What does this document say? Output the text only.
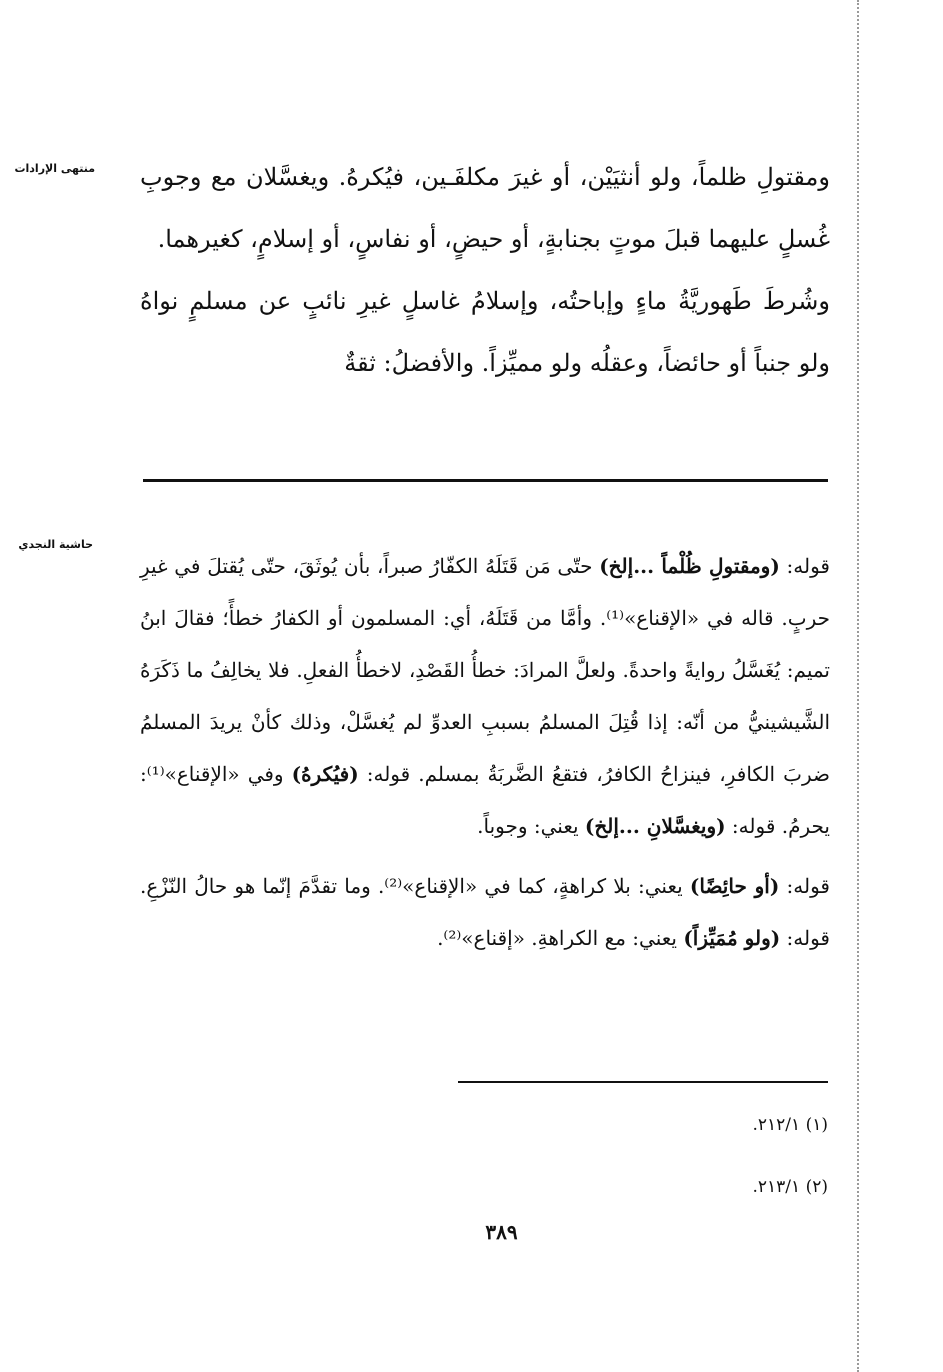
منتهى الإرادات
حاشية النجدي

ومقتولِ ظلماً، ولو أنثيَيْن، أو غيرَ مكلفَـين، فيُكرهُ. ويغسَّلان مع وجوبِ غُسلٍ عليهما قبلَ موتٍ بجنابةٍ، أو حيضٍ، أو نفاسٍ، أو إسلامٍ، كغيرهما.

وشُرطَ طَهوريَّةُ ماءٍ وإباحتُه، وإسلامُ غاسلٍ غيرِ نائبٍ عن مسلمٍ نواهُ ولو جنباً أو حائضاً، وعقلُه ولو مميِّزاً. والأفضلُ: ثقةٌ

قوله: (ومقتولِ ظُلْماً ...إلخ) حتّى مَن قَتَلَهُ الكفّارُ صبراً، بأن يُوثَقَ، حتّى يُقتلَ في غيرِ حربٍ. قاله في «الإقناع»⁽¹⁾. وأمَّا من قَتَلَهُ، أي: المسلمون أو الكفارُ خطأً؛ فقالَ ابنُ تميم: يُغَسَّلُ روايةً واحدةً. ولعلَّ المرادَ: خطأُ القَصْدِ، لاخطأُ الفعلِ. فلا يخالِفُ ما ذَكَرَهُ الشَّيشينيُّ من أنّه: إذا قُتِلَ المسلمُ بسببِ العدوِّ لم يُغسَّلْ، وذلك كأنْ يريدَ المسلمُ ضربَ الكافرِ، فينزاحُ الكافرُ، فتقعُ الضَّربَةُ بمسلم. قوله: (فيُكرهُ) وفي «الإقناع»⁽¹⁾: يحرمُ. قوله: (ويغسَّلانِ ...إلخ) يعني: وجوباً.

قوله: (أو حائِضًا) يعني: بلا كراهةٍ، كما في «الإقناع»⁽²⁾. وما تقدَّمَ إنّما هو حالُ النّزْعِ. قوله: (ولو مُمَيِّزاً) يعني: مع الكراهةِ. «إقناع»⁽²⁾.

(١) ٢١٢/١.
(٢) ٢١٣/١.
٣٨٩
